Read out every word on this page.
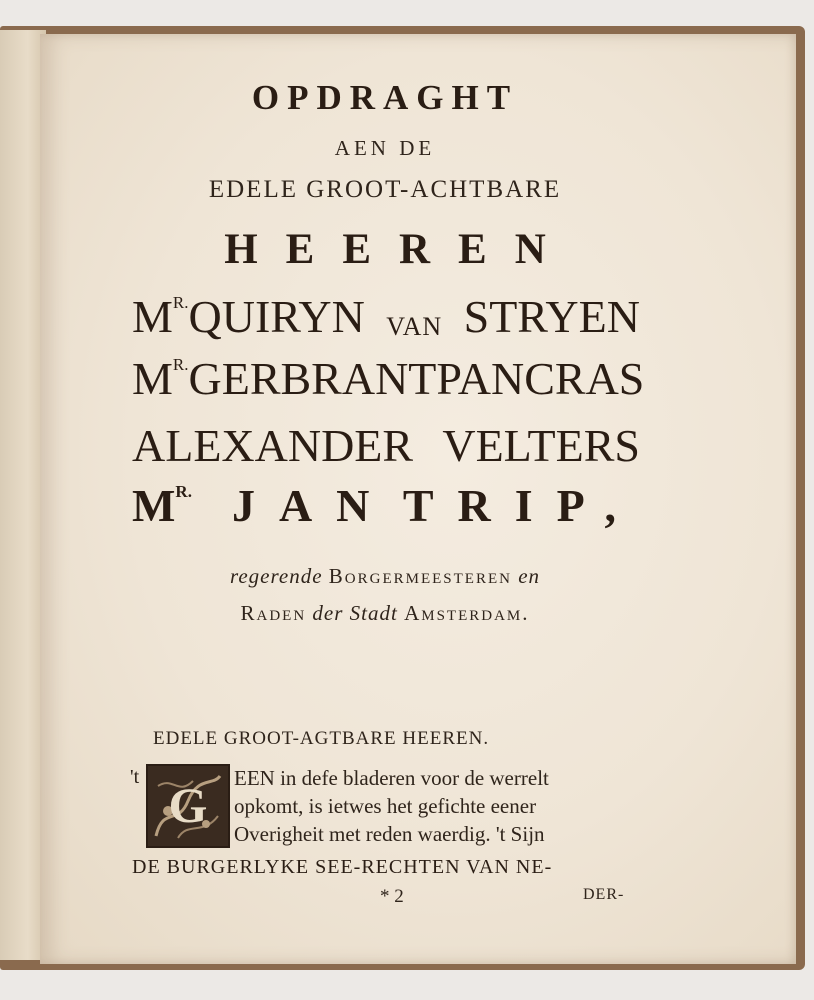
OPDRAGHT
AEN DE
EDELE GROOT-ACHTBARE
HEEREN
$M^{R.}QUIRYN$ VAN STRYEN
$M^{R.}GERBRANT$ PANCRAS
ALEXANDER VELTERS
$M^{R.}$ JAN TRIP,
regerende Borgermeesteren en
Raden der Stadt Amsterdam.
EDELE GROOT-AGTBARE HEEREN.
't G EEN in defe bladeren voor de werrelt
opkomt, is ietwes het gefichte eener
Overigheit met reden waerdig. 't Sijn
DE BURGERLYKE SEE-RECHTEN VAN NE-
* 2	DER-
